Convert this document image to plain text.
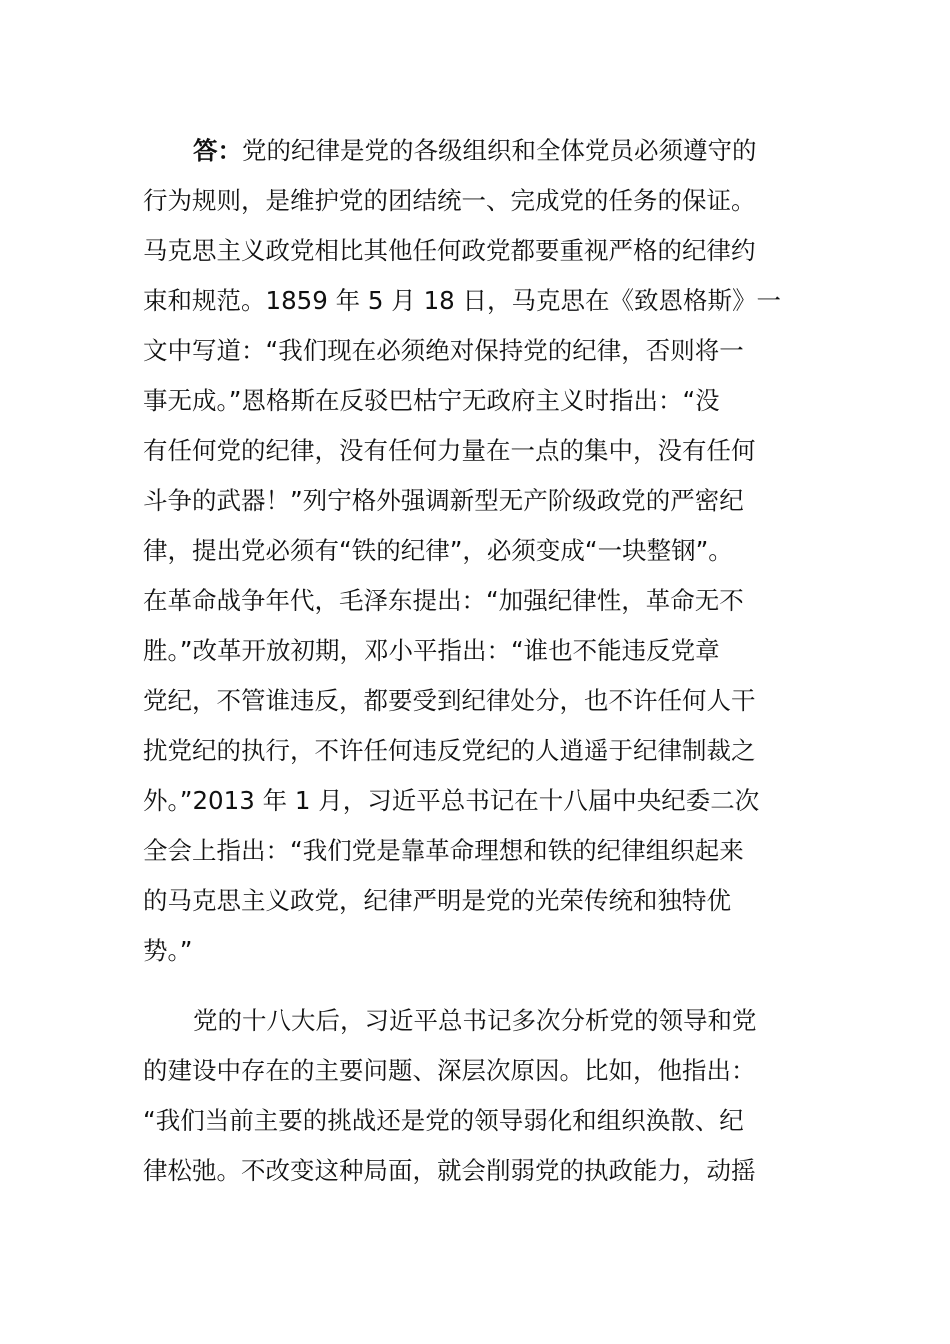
答：党的纪律是党的各级组织和全体党员必须遵守的
行为规则，是维护党的团结统一、完成党的任务的保证。
马克思主义政党相比其他任何政党都要重视严格的纪律约
束和规范。1859 年 5 月 18 日，马克思在《致恩格斯》一
文中写道：“我们现在必须绝对保持党的纪律，否则将一
事无成。”恩格斯在反驳巴枯宁无政府主义时指出：“没
有任何党的纪律，没有任何力量在一点的集中，没有任何
斗争的武器！”列宁格外强调新型无产阶级政党的严密纪
律，提出党必须有“铁的纪律”，必须变成“一块整钢”。
在革命战争年代，毛泽东提出：“加强纪律性，革命无不
胜。”改革开放初期，邓小平指出：“谁也不能违反党章
党纪，不管谁违反，都要受到纪律处分，也不许任何人干
扰党纪的执行，不许任何违反党纪的人逍遥于纪律制裁之
外。”2013 年 1 月，习近平总书记在十八届中央纪委二次
全会上指出：“我们党是靠革命理想和铁的纪律组织起来
的马克思主义政党，纪律严明是党的光荣传统和独特优
势。”
党的十八大后，习近平总书记多次分析党的领导和党
的建设中存在的主要问题、深层次原因。比如，他指出：
“我们当前主要的挑战还是党的领导弱化和组织涣散、纪
律松弛。不改变这种局面，就会削弱党的执政能力，动摇
